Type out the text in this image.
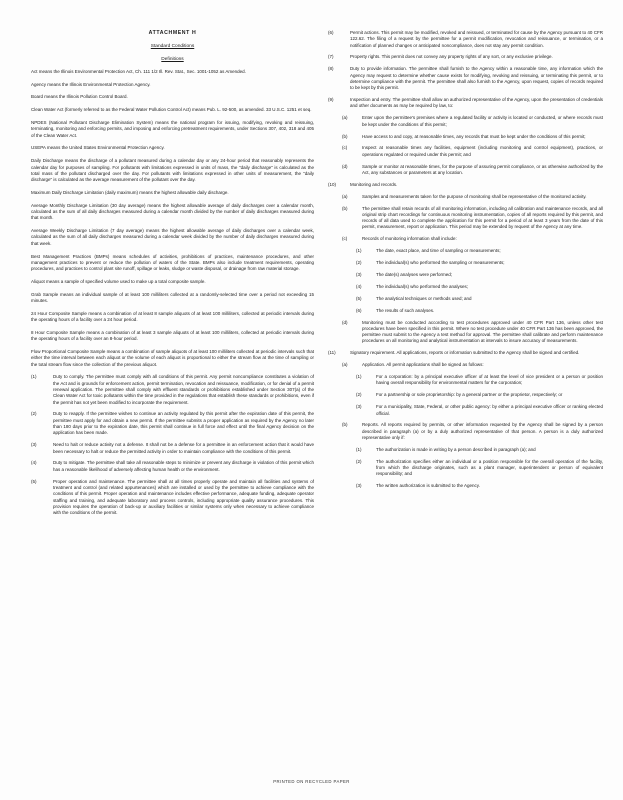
ATTACHMENT H
Standard Conditions
Definitions

Act means the Illinois Environmental Protection Act, Ch. 111 1/2 Ill. Rev. Stat., Sec. 1001-1052 as Amended.

Agency means the Illinois Environmental Protection Agency.

Board means the Illinois Pollution Control Board.

Clean Water Act (formerly referred to as the Federal Water Pollution Control Act) means Pub. L. 92-500, as amended. 33 U.S.C. 1251 et seq.

NPDES (National Pollutant Discharge Elimination System) means the national program for issuing, modifying, revoking and reissuing, terminating, monitoring and enforcing permits, and imposing and enforcing pretreatment requirements, under Sections 307, 402, 318 and 405 of the Clean Water Act.

USEPA means the United States Environmental Protection Agency.

Daily Discharge means the discharge of a pollutant measured during a calendar day or any 24-hour period that reasonably represents the calendar day for purposes of sampling. For pollutants with limitations expressed in units of mass, the "daily discharge" is calculated as the total mass of the pollutant discharged over the day. For pollutants with limitations expressed in other units of measurement, the "daily discharge" is calculated as the average measurement of the pollutant over the day.

Maximum Daily Discharge Limitation (daily maximum) means the highest allowable daily discharge.

Average Monthly Discharge Limitation (30 day average) means the highest allowable average of daily discharges over a calendar month, calculated as the sum of all daily discharges measured during a calendar month divided by the number of daily discharges measured during that month.

Average Weekly Discharge Limitation (7 day average) means the highest allowable average of daily discharges over a calendar week, calculated as the sum of all daily discharges measured during a calendar week divided by the number of daily discharges measured during that week.

Best Management Practices (BMPs) means schedules of activities, prohibitions of practices, maintenance procedures, and other management practices to prevent or reduce the pollution of waters of the State. BMPs also include treatment requirements, operating procedures, and practices to control plant site runoff, spillage or leaks, sludge or waste disposal, or drainage from raw material storage.

Aliquot means a sample of specified volume used to make up a total composite sample.

Grab Sample means an individual sample of at least 100 milliliters collected at a randomly-selected time over a period not exceeding 15 minutes.

24 Hour Composite Sample means a combination of at least 8 sample aliquots of at least 100 milliliters, collected at periodic intervals during the operating hours of a facility over a 24 hour period.

8 Hour Composite Sample means a combination of at least 3 sample aliquots of at least 100 milliliters, collected at periodic intervals during the operating hours of a facility over an 8-hour period.

Flow Proportional Composite Sample means a combination of sample aliquots of at least 100 milliliters collected at periodic intervals such that either the time interval between each aliquot or the volume of each aliquot is proportional to either the stream flow at the time of sampling or the total stream flow since the collection of the previous aliquot.

(1)	Duty to comply. The permittee must comply with all conditions of this permit. Any permit noncompliance constitutes a violation of the Act and is grounds for enforcement action, permit termination, revocation and reissuance, modification, or for denial of a permit renewal application. The permittee shall comply with effluent standards or prohibitions established under Section 307(a) of the Clean Water Act for toxic pollutants within the time provided in the regulations that establish these standards or prohibitions, even if the permit has not yet been modified to incorporate the requirement.
(2)	Duty to reapply. If the permittee wishes to continue an activity regulated by this permit after the expiration date of this permit, the permittee must apply for and obtain a new permit. If the permittee submits a proper application as required by the Agency no later than 180 days prior to the expiration date, this permit shall continue in full force and effect until the final Agency decision on the application has been made.
(3)	Need to halt or reduce activity not a defense. It shall not be a defense for a permittee in an enforcement action that it would have been necessary to halt or reduce the permitted activity in order to maintain compliance with the conditions of this permit.
(4)	Duty to mitigate. The permittee shall take all reasonable steps to minimize or prevent any discharge in violation of this permit which has a reasonable likelihood of adversely affecting human health or the environment.
(5)	Proper operation and maintenance. The permittee shall at all times properly operate and maintain all facilities and systems of treatment and control (and related appurtenances) which are installed or used by the permittee to achieve compliance with the conditions of this permit. Proper operation and maintenance includes effective performance, adequate funding, adequate operator staffing and training, and adequate laboratory and process controls, including appropriate quality assurance procedures. This provision requires the operation of back-up or auxiliary facilities or similar systems only when necessary to achieve compliance with the conditions of the permit.
(6)	Permit actions. This permit may be modified, revoked and reissued, or terminated for cause by the Agency pursuant to 40 CFR 122.62. The filing of a request by the permittee for a permit modification, revocation and reissuance, or termination, or a notification of planned changes or anticipated noncompliance, does not stay any permit condition.
(7)	Property rights. This permit does not convey any property rights of any sort, or any exclusive privilege.
(8)	Duty to provide information. The permittee shall furnish to the Agency within a reasonable time, any information which the Agency may request to determine whether cause exists for modifying, revoking and reissuing, or terminating this permit, or to determine compliance with the permit. The permittee shall also furnish to the Agency, upon request, copies of records required to be kept by this permit.
(9)	Inspection and entry. The permittee shall allow an authorized representative of the Agency, upon the presentation of credentials and other documents as may be required by law, to:
(a)	Enter upon the permittee's premises where a regulated facility or activity is located or conducted, or where records must be kept under the conditions of this permit;
(b)	Have access to and copy, at reasonable times, any records that must be kept under the conditions of this permit;
(c)	Inspect at reasonable times any facilities, equipment (including monitoring and control equipment), practices, or operations regulated or required under this permit; and
(d)	Sample or monitor at reasonable times, for the purpose of assuring permit compliance, or as otherwise authorized by the Act, any substances or parameters at any location.
(10)	Monitoring and records.
(a)	Samples and measurements taken for the purpose of monitoring shall be representative of the monitored activity.
(b)	The permittee shall retain records of all monitoring information, including all calibration and maintenance records, and all original strip chart recordings for continuous monitoring instrumentation, copies of all reports required by this permit, and records of all data used to complete the application for this permit for a period of at least 3 years from the date of this permit, measurement, report or application. This period may be extended by request of the Agency at any time.
(c)	Records of monitoring information shall include:
(1)	The date, exact place, and time of sampling or measurements;
(2)	The individual(s) who performed the sampling or measurements;
(3)	The date(s) analyses were performed;
(4)	The individual(s) who performed the analyses;
(5)	The analytical techniques or methods used; and
(6)	The results of such analyses.
(d)	Monitoring must be conducted according to test procedures approved under 40 CFR Part 136, unless other test procedures have been specified in this permit. Where no test procedure under 40 CFR Part 136 has been approved, the permittee must submit to the Agency a test method for approval. The permittee shall calibrate and perform maintenance procedures on all monitoring and analytical instrumentation at intervals to insure accuracy of measurements.
(11)	Signatory requirement. All applications, reports or information submitted to the Agency shall be signed and certified.
(a)	Application. All permit applications shall be signed as follows:
(1)	For a corporation: by a principal executive officer of at least the level of vice president or a person or position having overall responsibility for environmental matters for the corporation;
(2)	For a partnership or sole proprietorship: by a general partner or the proprietor, respectively; or
(3)	For a municipality, State, Federal, or other public agency: by either a principal executive officer or ranking elected official.
(b)	Reports. All reports required by permits, or other information requested by the Agency shall be signed by a person described in paragraph (a) or by a duly authorized representative of that person. A person is a duly authorized representative only if:
(1)	The authorization is made in writing by a person described in paragraph (a); and
(2)	The authorization specifies either an individual or a position responsible for the overall operation of the facility, from which the discharge originates, such as a plant manager, superintendent or person of equivalent responsibility; and
(3)	The written authorization is submitted to the Agency.
PRINTED ON RECYCLED PAPER
